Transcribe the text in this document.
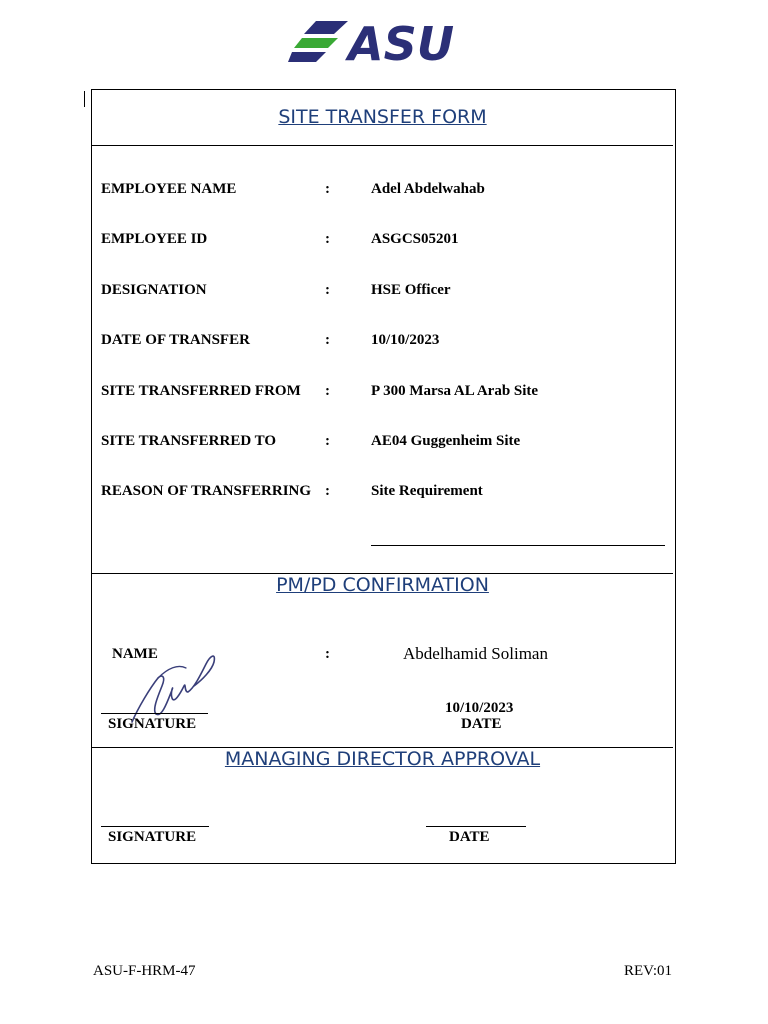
ASU
SITE TRANSFER FORM
EMPLOYEE NAME	:	Adel Abdelwahab
EMPLOYEE ID	:	ASGCS05201
DESIGNATION	:	HSE Officer
DATE OF TRANSFER	:	10/10/2023
SITE TRANSFERRED FROM :	P 300 Marsa AL Arab Site
SITE TRANSFERRED TO	:	AE04 Guggenheim Site
REASON OF TRANSFERRING :	Site Requirement
PM/PD CONFIRMATION
NAME	:	Abdelhamid Soliman
SIGNATURE
10/10/2023
DATE
MANAGING DIRECTOR APPROVAL
SIGNATURE	DATE
ASU-F-HRM-47	REV:01
